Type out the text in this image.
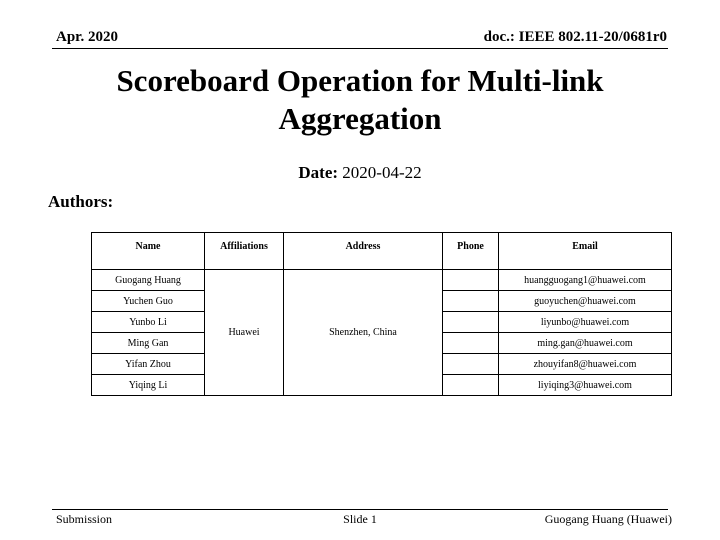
Apr. 2020	doc.: IEEE 802.11-20/0681r0
Scoreboard Operation for Multi-link Aggregation
Date: 2020-04-22
Authors:
Name	Affiliations	Address	Phone	Email
Guogang Huang	Huawei	Shenzhen, China		huangguogang1@huawei.com
Yuchen Guo				guoyuchen@huawei.com
Yunbo Li				liyunbo@huawei.com
Ming Gan				ming.gan@huawei.com
Yifan Zhou				zhouyifan8@huawei.com
Yiqing Li				liyiqing3@huawei.com
Submission	Slide 1	Guogang Huang (Huawei)
